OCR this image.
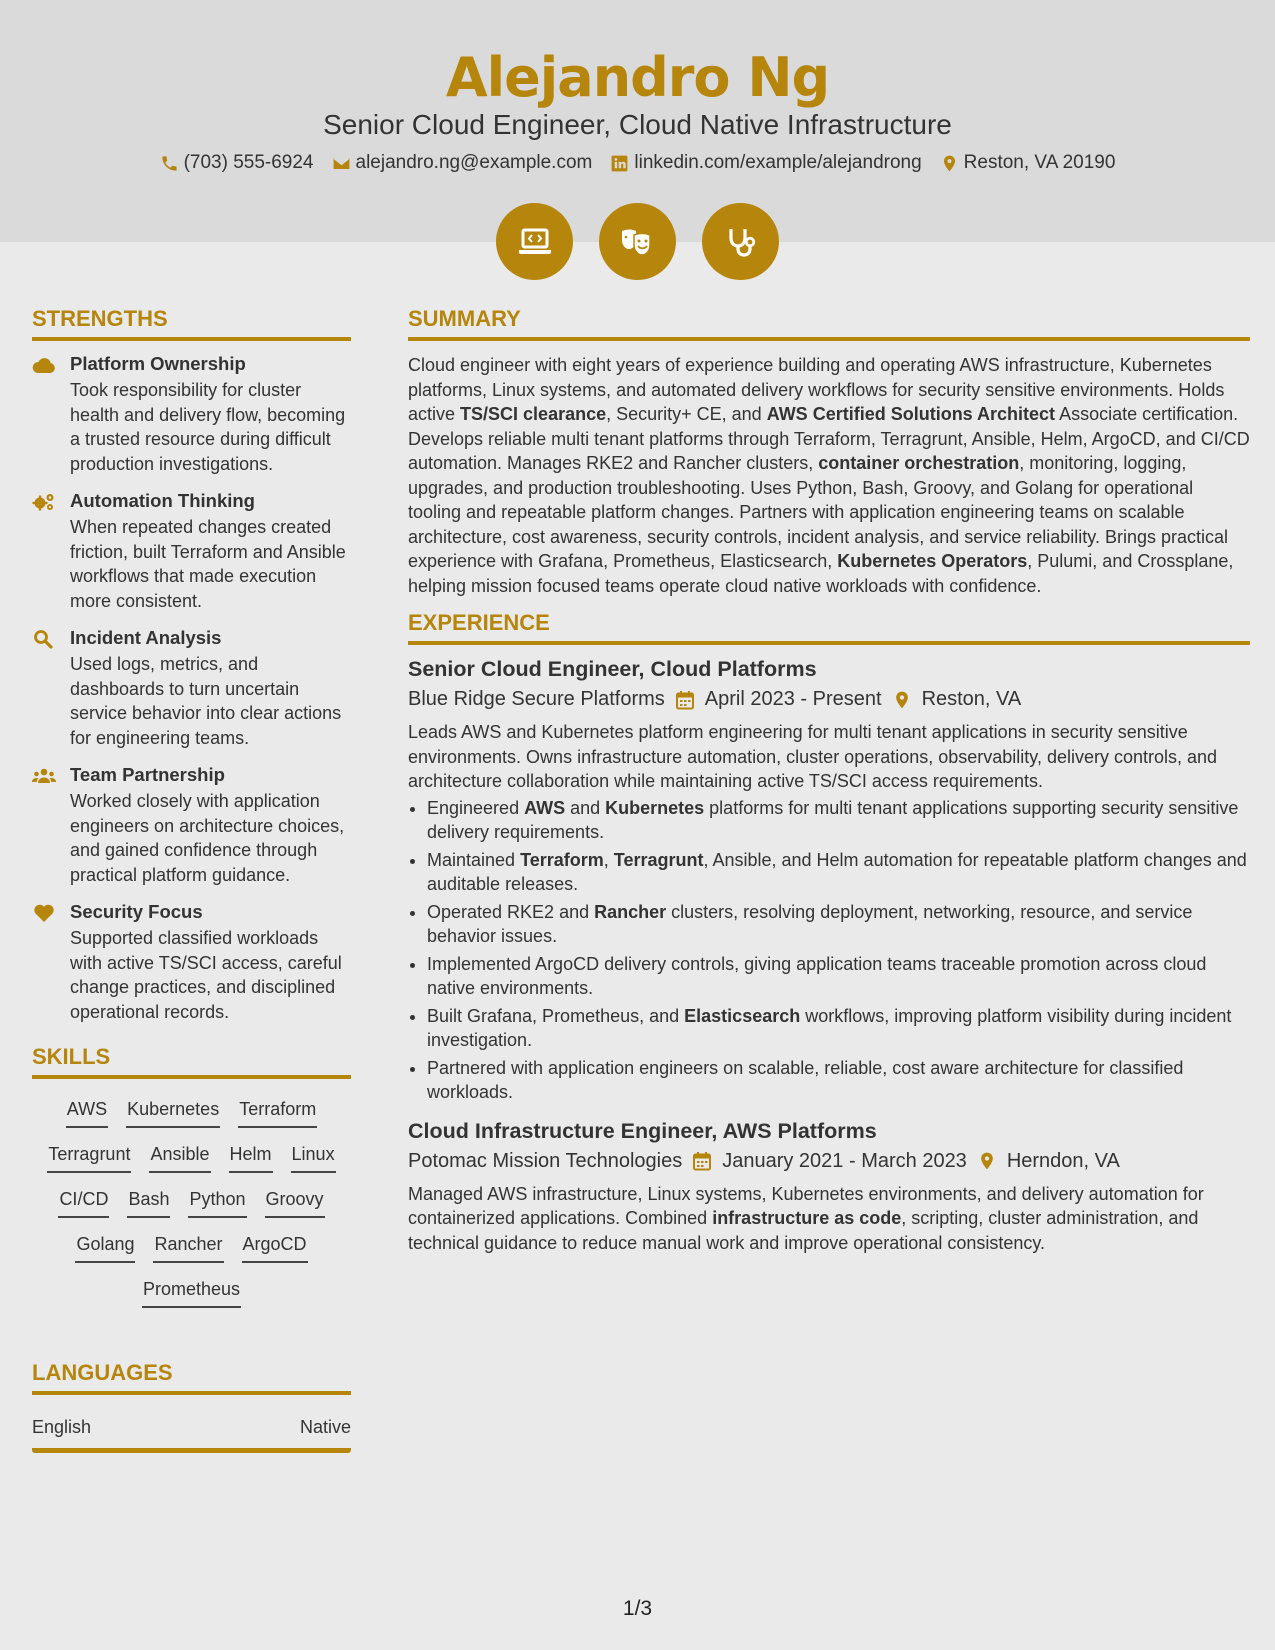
Alejandro Ng
Senior Cloud Engineer, Cloud Native Infrastructure
(703) 555-6924 alejandro.ng@example.com linkedin.com/example/alejandrong Reston, VA 20190
STRENGTHS
Platform Ownership
Took responsibility for cluster health and delivery flow, becoming a trusted resource during difficult production investigations.
Automation Thinking
When repeated changes created friction, built Terraform and Ansible workflows that made execution more consistent.
Incident Analysis
Used logs, metrics, and dashboards to turn uncertain service behavior into clear actions for engineering teams.
Team Partnership
Worked closely with application engineers on architecture choices, and gained confidence through practical platform guidance.
Security Focus
Supported classified workloads with active TS/SCI access, careful change practices, and disciplined operational records.
SKILLS
AWS Kubernetes Terraform
Terragrunt Ansible Helm Linux
CI/CD Bash Python Groovy
Golang Rancher ArgoCD
Prometheus
LANGUAGES
English	Native
SUMMARY
Cloud engineer with eight years of experience building and operating AWS infrastructure, Kubernetes platforms, Linux systems, and automated delivery workflows for security sensitive environments. Holds active TS/SCI clearance, Security+ CE, and AWS Certified Solutions Architect Associate certification. Develops reliable multi tenant platforms through Terraform, Terragrunt, Ansible, Helm, ArgoCD, and CI/CD automation. Manages RKE2 and Rancher clusters, container orchestration, monitoring, logging, upgrades, and production troubleshooting. Uses Python, Bash, Groovy, and Golang for operational tooling and repeatable platform changes. Partners with application engineering teams on scalable architecture, cost awareness, security controls, incident analysis, and service reliability. Brings practical experience with Grafana, Prometheus, Elasticsearch, Kubernetes Operators, Pulumi, and Crossplane, helping mission focused teams operate cloud native workloads with confidence.
EXPERIENCE
Senior Cloud Engineer, Cloud Platforms
Blue Ridge Secure Platforms April 2023 - Present Reston, VA
Leads AWS and Kubernetes platform engineering for multi tenant applications in security sensitive environments. Owns infrastructure automation, cluster operations, observability, delivery controls, and architecture collaboration while maintaining active TS/SCI access requirements.
• Engineered AWS and Kubernetes platforms for multi tenant applications supporting security sensitive delivery requirements.
• Maintained Terraform, Terragrunt, Ansible, and Helm automation for repeatable platform changes and auditable releases.
• Operated RKE2 and Rancher clusters, resolving deployment, networking, resource, and service behavior issues.
• Implemented ArgoCD delivery controls, giving application teams traceable promotion across cloud native environments.
• Built Grafana, Prometheus, and Elasticsearch workflows, improving platform visibility during incident investigation.
• Partnered with application engineers on scalable, reliable, cost aware architecture for classified workloads.
Cloud Infrastructure Engineer, AWS Platforms
Potomac Mission Technologies January 2021 - March 2023 Herndon, VA
Managed AWS infrastructure, Linux systems, Kubernetes environments, and delivery automation for containerized applications. Combined infrastructure as code, scripting, cluster administration, and technical guidance to reduce manual work and improve operational consistency.
1/3
